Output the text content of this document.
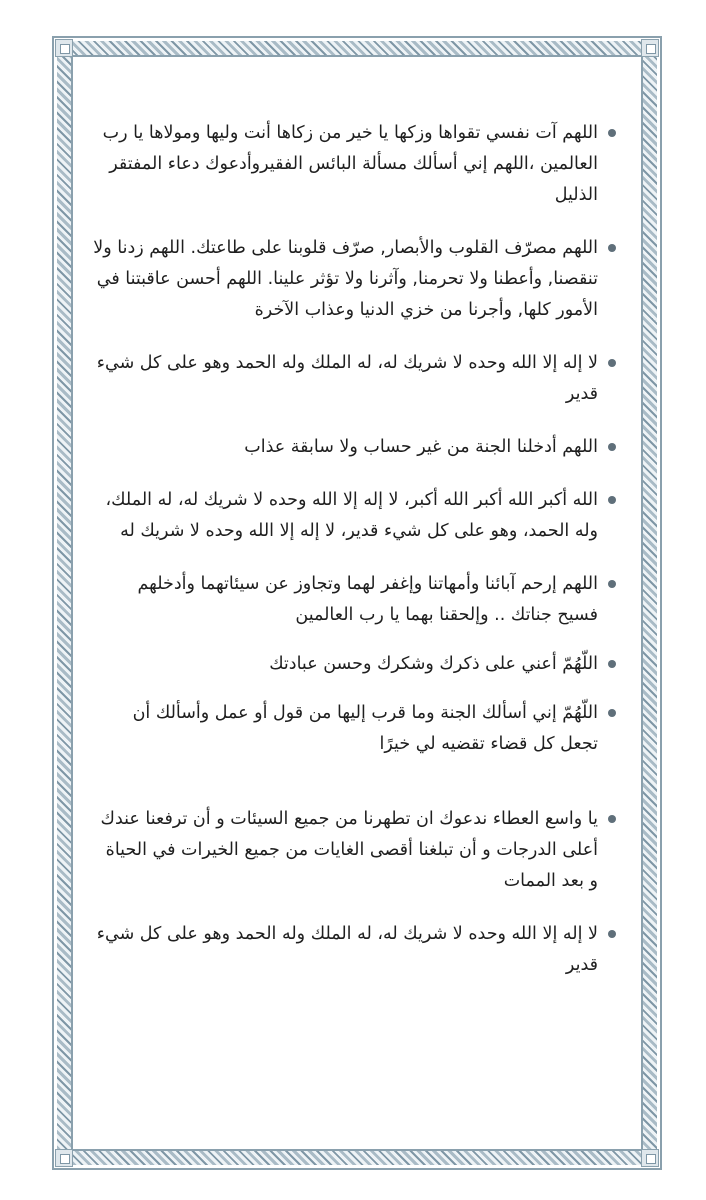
اللهم آت نفسي تقواها وزكها يا خير من زكاها أنت وليها ومولاها يا رب العالمين ،اللهم إني أسألك مسألة البائس الفقيروأدعوك دعاء المفتقر الذليل

اللهم مصرّف القلوب والأبصار, صرّف قلوبنا على طاعتك. اللهم زدنا ولا تنقصنا, وأعطنا ولا تحرمنا, وآثرنا ولا تؤثر علينا. اللهم أحسن عاقبتنا في الأمور كلها, وأجرنا من خزي الدنيا وعذاب الآخرة

لا إله إلا الله وحده لا شريك له، له الملك وله الحمد وهو على كل شيء قدير

اللهم أدخلنا الجنة من غير حساب ولا سابقة عذاب

الله أكبر الله أكبر الله أكبر، لا إله إلا الله وحده لا شريك له، له الملك، وله الحمد، وهو على كل شيء قدير، لا إله إلا الله وحده لا شريك له

اللهم إرحم آبائنا وأمهاتنا وإغفر لهما وتجاوز عن سيئاتهما وأدخلهم فسيح جناتك .. وإلحقنا بهما يا رب العالمين

اللّهُمّ أعني على ذكرك وشكرك وحسن عبادتك

اللّهُمّ إني أسألك الجنة وما قرب إليها من قول أو عمل وأسألك أن تجعل كل قضاء تقضيه لي خيرًا

يا واسع العطاء ندعوك ان تطهرنا من جميع السيئات و أن ترفعنا عندك أعلى الدرجات و أن تبلغنا أقصى الغايات من جميع الخيرات في الحياة و بعد الممات

لا إله إلا الله وحده لا شريك له، له الملك وله الحمد وهو على كل شيء قدير
